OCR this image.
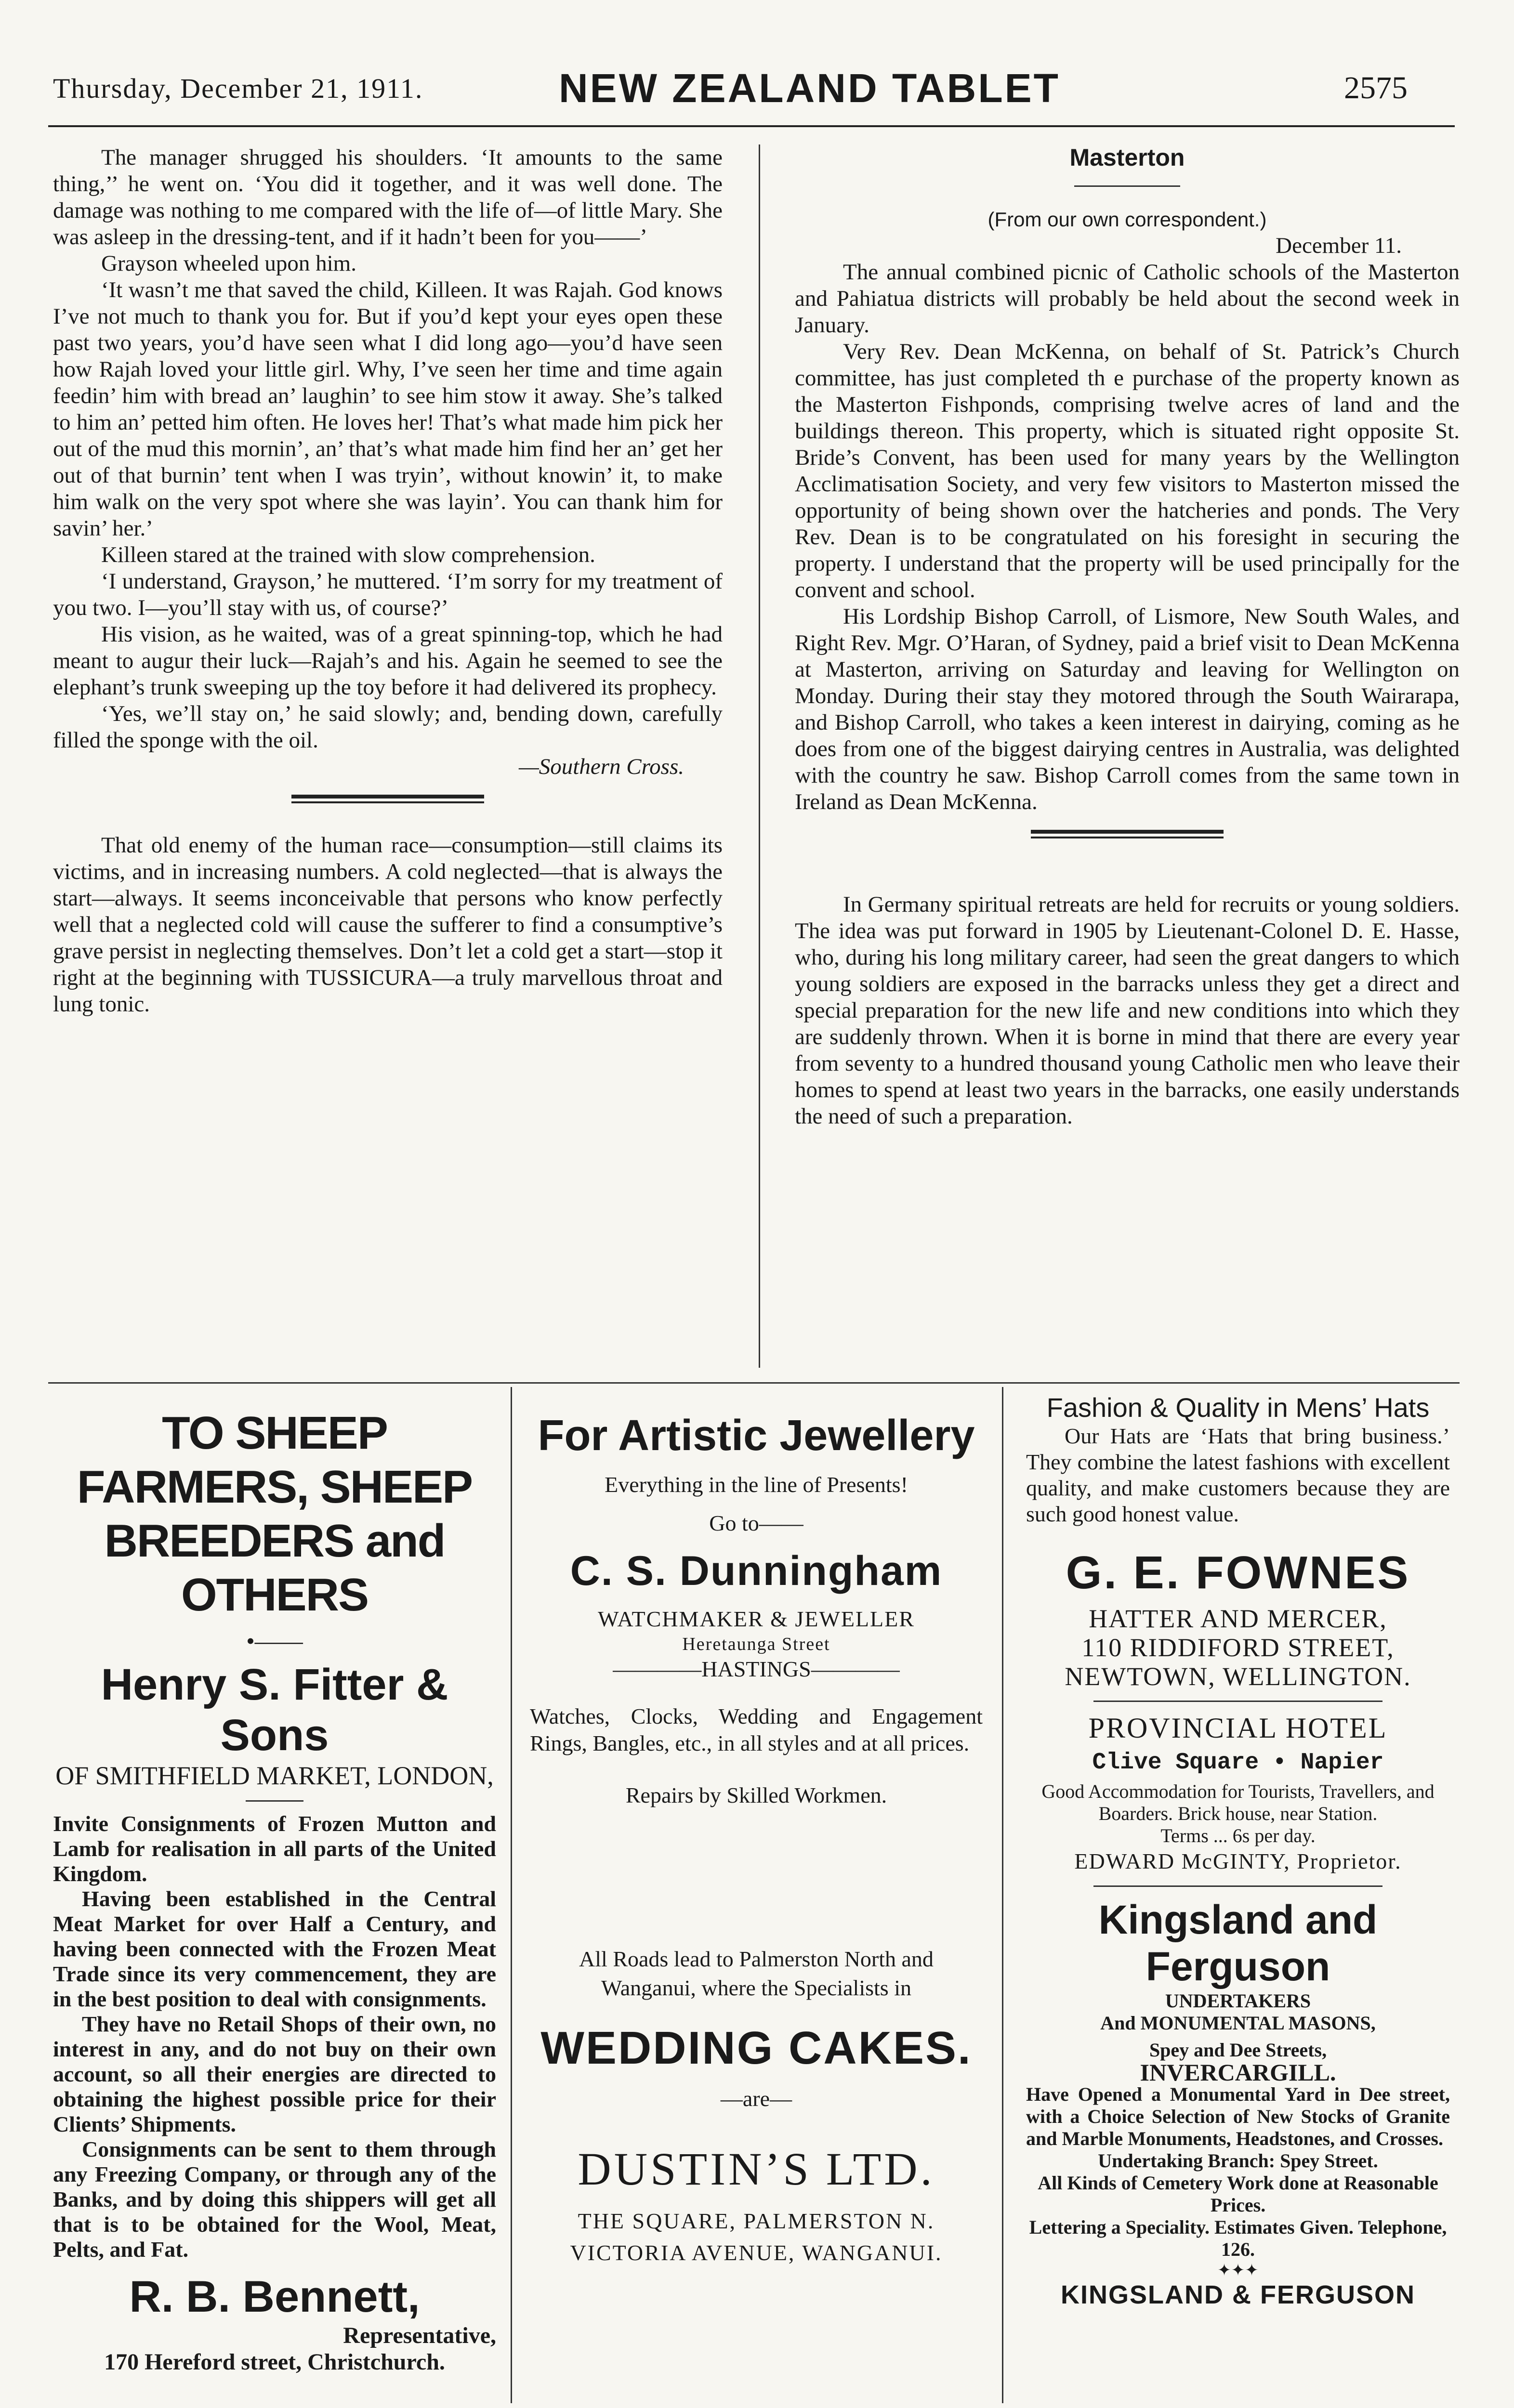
Thursday, December 21, 1911.	NEW ZEALAND TABLET	2575

The manager shrugged his shoulders. ‘It amounts to the same thing,’’ he went on. ‘You did it together, and it was well done. The damage was nothing to me compared with the life of—of little Mary. She was asleep in the dressing-tent, and if it hadn’t been for you——’

Grayson wheeled upon him.

‘It wasn’t me that saved the child, Killeen. It was Rajah. God knows I’ve not much to thank you for. But if you’d kept your eyes open these past two years, you’d have seen what I did long ago—you’d have seen how Rajah loved your little girl. Why, I’ve seen her time and time again feedin’ him with bread an’ laughin’ to see him stow it away. She’s talked to him an’ petted him often. He loves her! That’s what made him pick her out of the mud this mornin’, an’ that’s what made him find her an’ get her out of that burnin’ tent when I was tryin’, without knowin’ it, to make him walk on the very spot where she was layin’. You can thank him for savin’ her.’

Killeen stared at the trained with slow comprehension.

‘I understand, Grayson,’ he muttered. ‘I’m sorry for my treatment of you two. I—you’ll stay with us, of course?’

His vision, as he waited, was of a great spinning-top, which he had meant to augur their luck—Rajah’s and his. Again he seemed to see the elephant’s trunk sweeping up the toy before it had delivered its prophecy.

‘Yes, we’ll stay on,’ he said slowly; and, bending down, carefully filled the sponge with the oil.

—Southern Cross.

That old enemy of the human race—consumption—still claims its victims, and in increasing numbers. A cold neglected—that is always the start—always. It seems inconceivable that persons who know perfectly well that a neglected cold will cause the sufferer to find a consumptive’s grave persist in neglecting themselves. Don’t let a cold get a start—stop it right at the beginning with TUSSICURA—a truly marvellous throat and lung tonic.

Masterton
(From our own correspondent.)

December 11.

The annual combined picnic of Catholic schools of the Masterton and Pahiatua districts will probably be held about the second week in January.

Very Rev. Dean McKenna, on behalf of St. Patrick’s Church committee, has just completed th e purchase of the property known as the Masterton Fishponds, comprising twelve acres of land and the buildings thereon. This property, which is situated right opposite St. Bride’s Convent, has been used for many years by the Wellington Acclimatisation Society, and very few visitors to Masterton missed the opportunity of being shown over the hatcheries and ponds. The Very Rev. Dean is to be congratulated on his foresight in securing the property. I understand that the property will be used principally for the convent and school.

His Lordship Bishop Carroll, of Lismore, New South Wales, and Right Rev. Mgr. O’Haran, of Sydney, paid a brief visit to Dean McKenna at Masterton, arriving on Saturday and leaving for Wellington on Monday. During their stay they motored through the South Wairarapa, and Bishop Carroll, who takes a keen interest in dairying, coming as he does from one of the biggest dairying centres in Australia, was delighted with the country he saw. Bishop Carroll comes from the same town in Ireland as Dean McKenna.

In Germany spiritual retreats are held for recruits or young soldiers. The idea was put forward in 1905 by Lieutenant-Colonel D. E. Hasse, who, during his long military career, had seen the great dangers to which young soldiers are exposed in the barracks unless they get a direct and special preparation for the new life and new conditions into which they are suddenly thrown. When it is borne in mind that there are every year from seventy to a hundred thousand young Catholic men who leave their homes to spend at least two years in the barracks, one easily understands the need of such a preparation.

TO SHEEP FARMERS, SHEEP BREEDERS and OTHERS
•——
Henry S. Fitter & Sons
OF SMITHFIELD MARKET, LONDON,

Invite Consignments of Frozen Mutton and Lamb for realisation in all parts of the United Kingdom.

Having been established in the Central Meat Market for over Half a Century, and having been connected with the Frozen Meat Trade since its very commencement, they are in the best position to deal with consignments.

They have no Retail Shops of their own, no interest in any, and do not buy on their own account, so all their energies are directed to obtaining the highest possible price for their Clients’ Shipments.

Consignments can be sent to them through any Freezing Company, or through any of the Banks, and by doing this shippers will get all that is to be obtained for the Wool, Meat, Pelts, and Fat.

R. B. Bennett,
Representative,
170 Hereford street, Christchurch.
For Artistic Jewellery
Everything in the line of Presents!
Go to——
C. S. Dunningham
WATCHMAKER & JEWELLER
Heretaunga Street
————HASTINGS————
Watches, Clocks, Wedding and Engagement Rings, Bangles, etc., in all styles and at all prices.
Repairs by Skilled Workmen.
All Roads lead to Palmerston North and Wanganui, where the Specialists in
WEDDING CAKES.
—are—
DUSTIN’S LTD.
THE SQUARE, PALMERSTON N.
VICTORIA AVENUE, WANGANUI.
Fashion & Quality in Mens’ Hats
Our Hats are ‘Hats that bring business.’ They combine the latest fashions with excellent quality, and make customers because they are such good honest value.
G. E. FOWNES
HATTER AND MERCER,
110 RIDDIFORD STREET,
NEWTOWN, WELLINGTON.
PROVINCIAL HOTEL
Clive Square • Napier
Good Accommodation for Tourists, Travellers, and Boarders. Brick house, near Station.
Terms ... 6s per day.
EDWARD McGINTY, Proprietor.
Kingsland and Ferguson
UNDERTAKERS
And MONUMENTAL MASONS,
Spey and Dee Streets,
INVERCARGILL.
Have Opened a Monumental Yard in Dee street, with a Choice Selection of New Stocks of Granite and Marble Monuments, Headstones, and Crosses.
Undertaking Branch: Spey Street.
All Kinds of Cemetery Work done at Reasonable Prices.
Lettering a Speciality. Estimates Given. Telephone, 126.
✦✦✦
KINGSLAND & FERGUSON
